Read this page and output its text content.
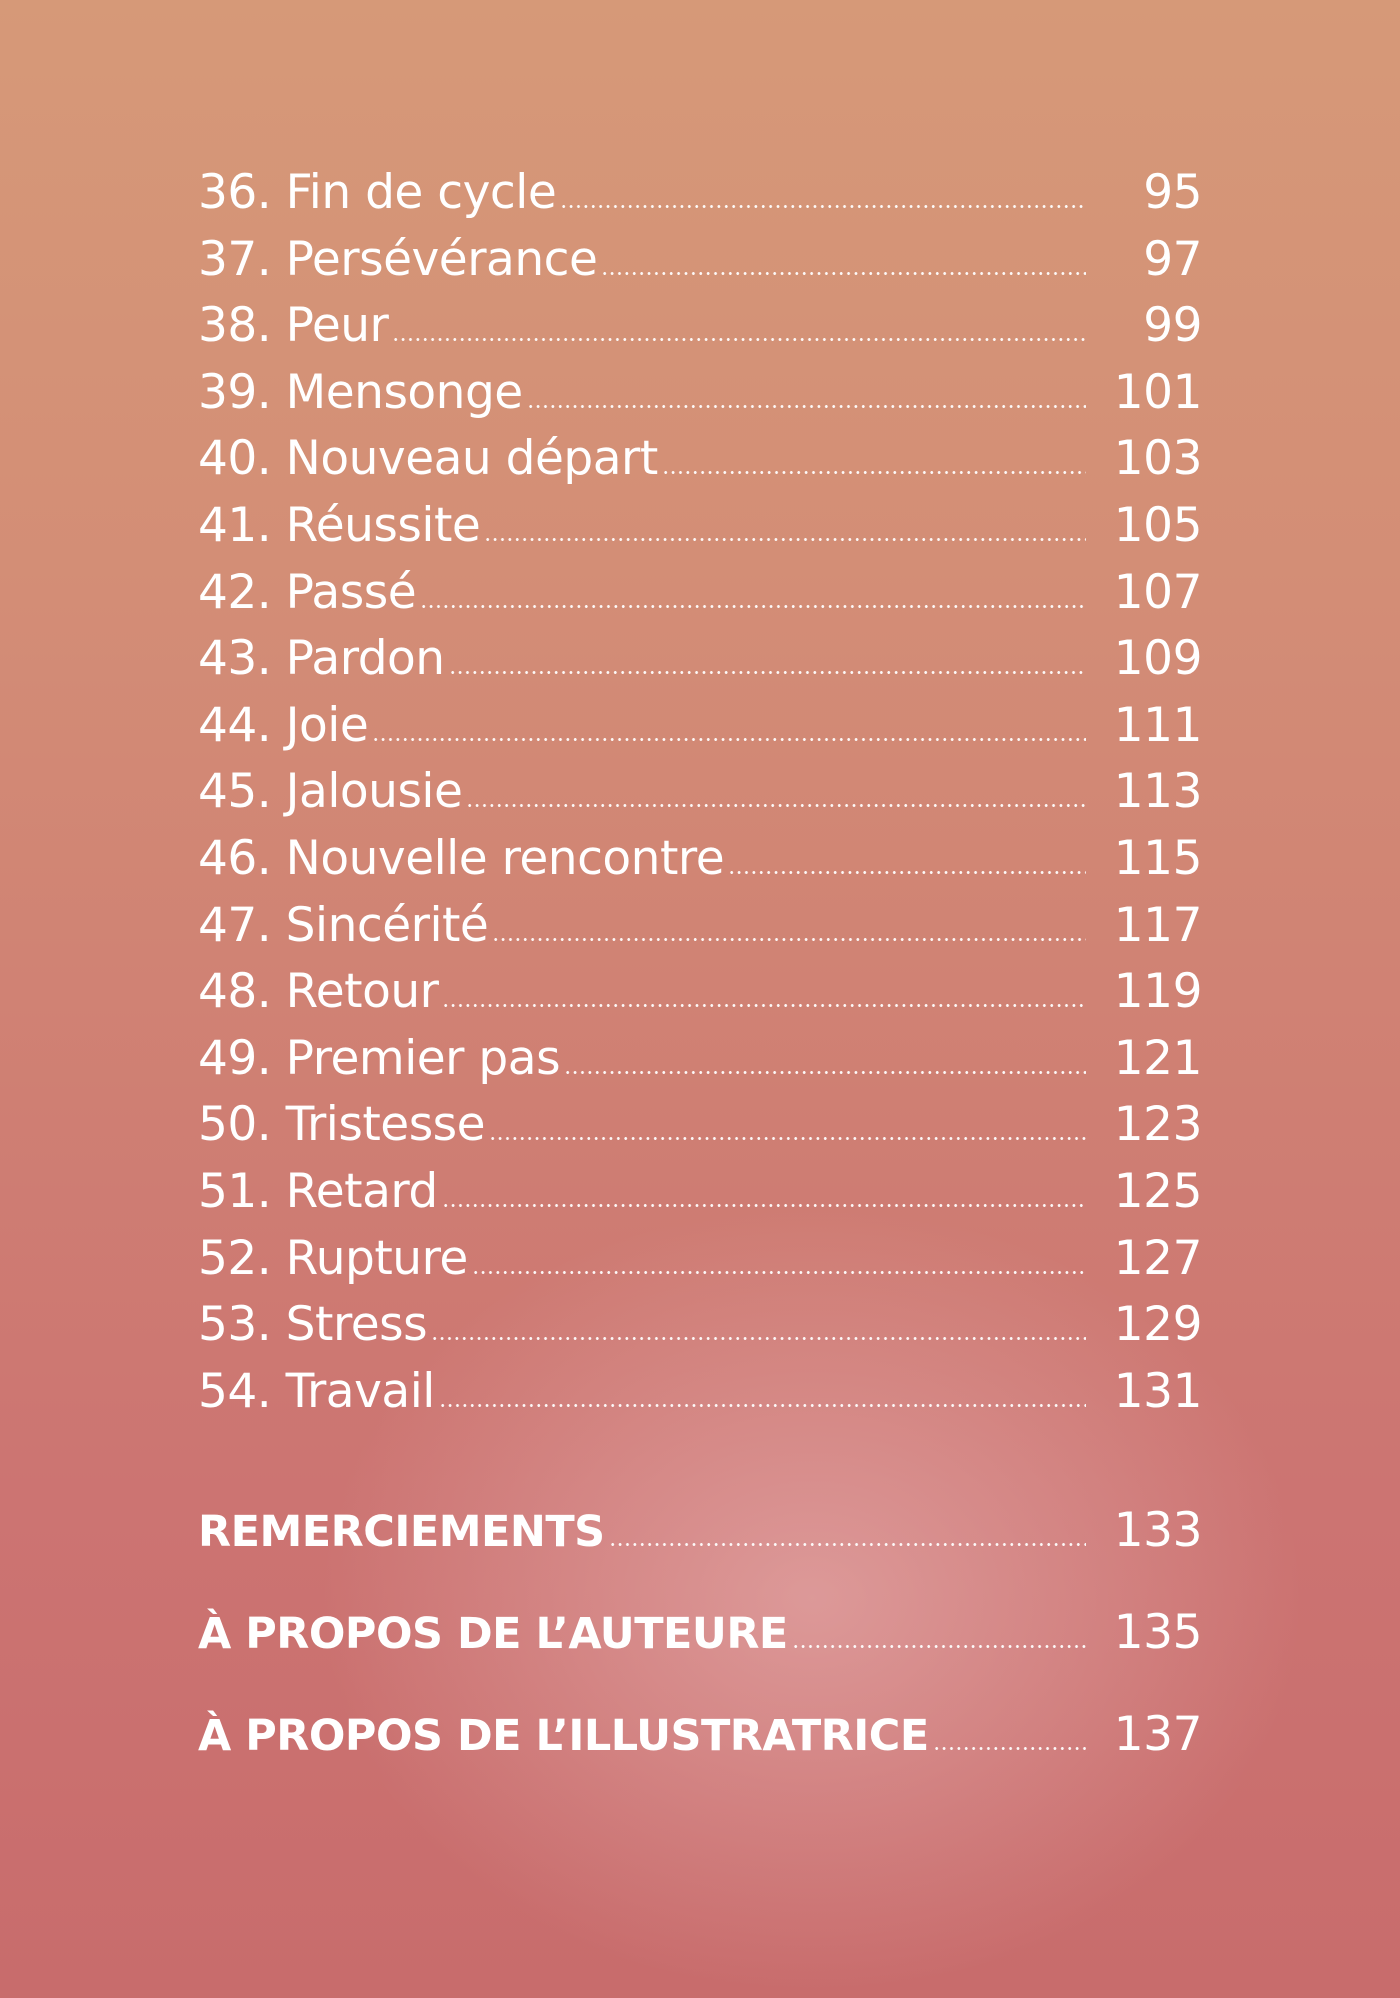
36. Fin de cycle	95
37. Persévérance	97
38. Peur	99
39. Mensonge	101
40. Nouveau départ	103
41. Réussite	105
42. Passé	107
43. Pardon	109
44. Joie	111
45. Jalousie	113
46. Nouvelle rencontre	115
47. Sincérité	117
48. Retour	119
49. Premier pas	121
50. Tristesse	123
51. Retard	125
52. Rupture	127
53. Stress	129
54. Travail	131
REMERCIEMENTS	133
À PROPOS DE L’AUTEURE	135
À PROPOS DE L’ILLUSTRATRICE	137
